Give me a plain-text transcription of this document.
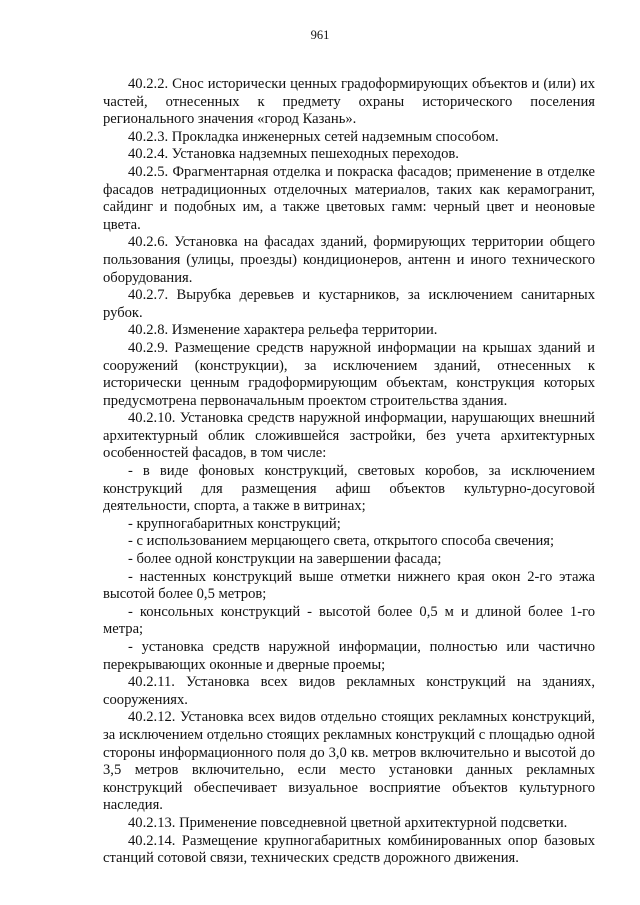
961

40.2.2. Снос исторически ценных градоформирующих объектов и (или) их частей, отнесенных к предмету охраны исторического поселения регионального значения «город Казань».

40.2.3. Прокладка инженерных сетей надземным способом.

40.2.4. Установка надземных пешеходных переходов.

40.2.5. Фрагментарная отделка и покраска фасадов; применение в отделке фасадов нетрадиционных отделочных материалов, таких как керамогранит, сайдинг и подобных им, а также цветовых гамм: черный цвет и неоновые цвета.

40.2.6. Установка на фасадах зданий, формирующих территории общего пользования (улицы, проезды) кондиционеров, антенн и иного технического оборудования.

40.2.7. Вырубка деревьев и кустарников, за исключением санитарных рубок.

40.2.8. Изменение характера рельефа территории.

40.2.9. Размещение средств наружной информации на крышах зданий и сооружений (конструкции), за исключением зданий, отнесенных к исторически ценным градоформирующим объектам, конструкция которых предусмотрена первоначальным проектом строительства здания.

40.2.10. Установка средств наружной информации, нарушающих внешний архитектурный облик сложившейся застройки, без учета архитектурных особенностей фасадов, в том числе:

- в виде фоновых конструкций, световых коробов, за исключением конструкций для размещения афиш объектов культурно-досуговой деятельности, спорта, а также в витринах;

- крупногабаритных конструкций;

- с использованием мерцающего света, открытого способа свечения;

- более одной конструкции на завершении фасада;

- настенных конструкций выше отметки нижнего края окон 2-го этажа высотой более 0,5 метров;

- консольных конструкций - высотой более 0,5 м и длиной более 1-го метра;

- установка средств наружной информации, полностью или частично перекрывающих оконные и дверные проемы;

40.2.11. Установка всех видов рекламных конструкций на зданиях, сооружениях.

40.2.12. Установка всех видов отдельно стоящих рекламных конструкций, за исключением отдельно стоящих рекламных конструкций с площадью одной стороны информационного поля до 3,0 кв. метров включительно и высотой до 3,5 метров включительно, если место установки данных рекламных конструкций обеспечивает визуальное восприятие объектов культурного наследия.

40.2.13. Применение повседневной цветной архитектурной подсветки.

40.2.14. Размещение крупногабаритных комбинированных опор базовых станций сотовой связи, технических средств дорожного движения.
